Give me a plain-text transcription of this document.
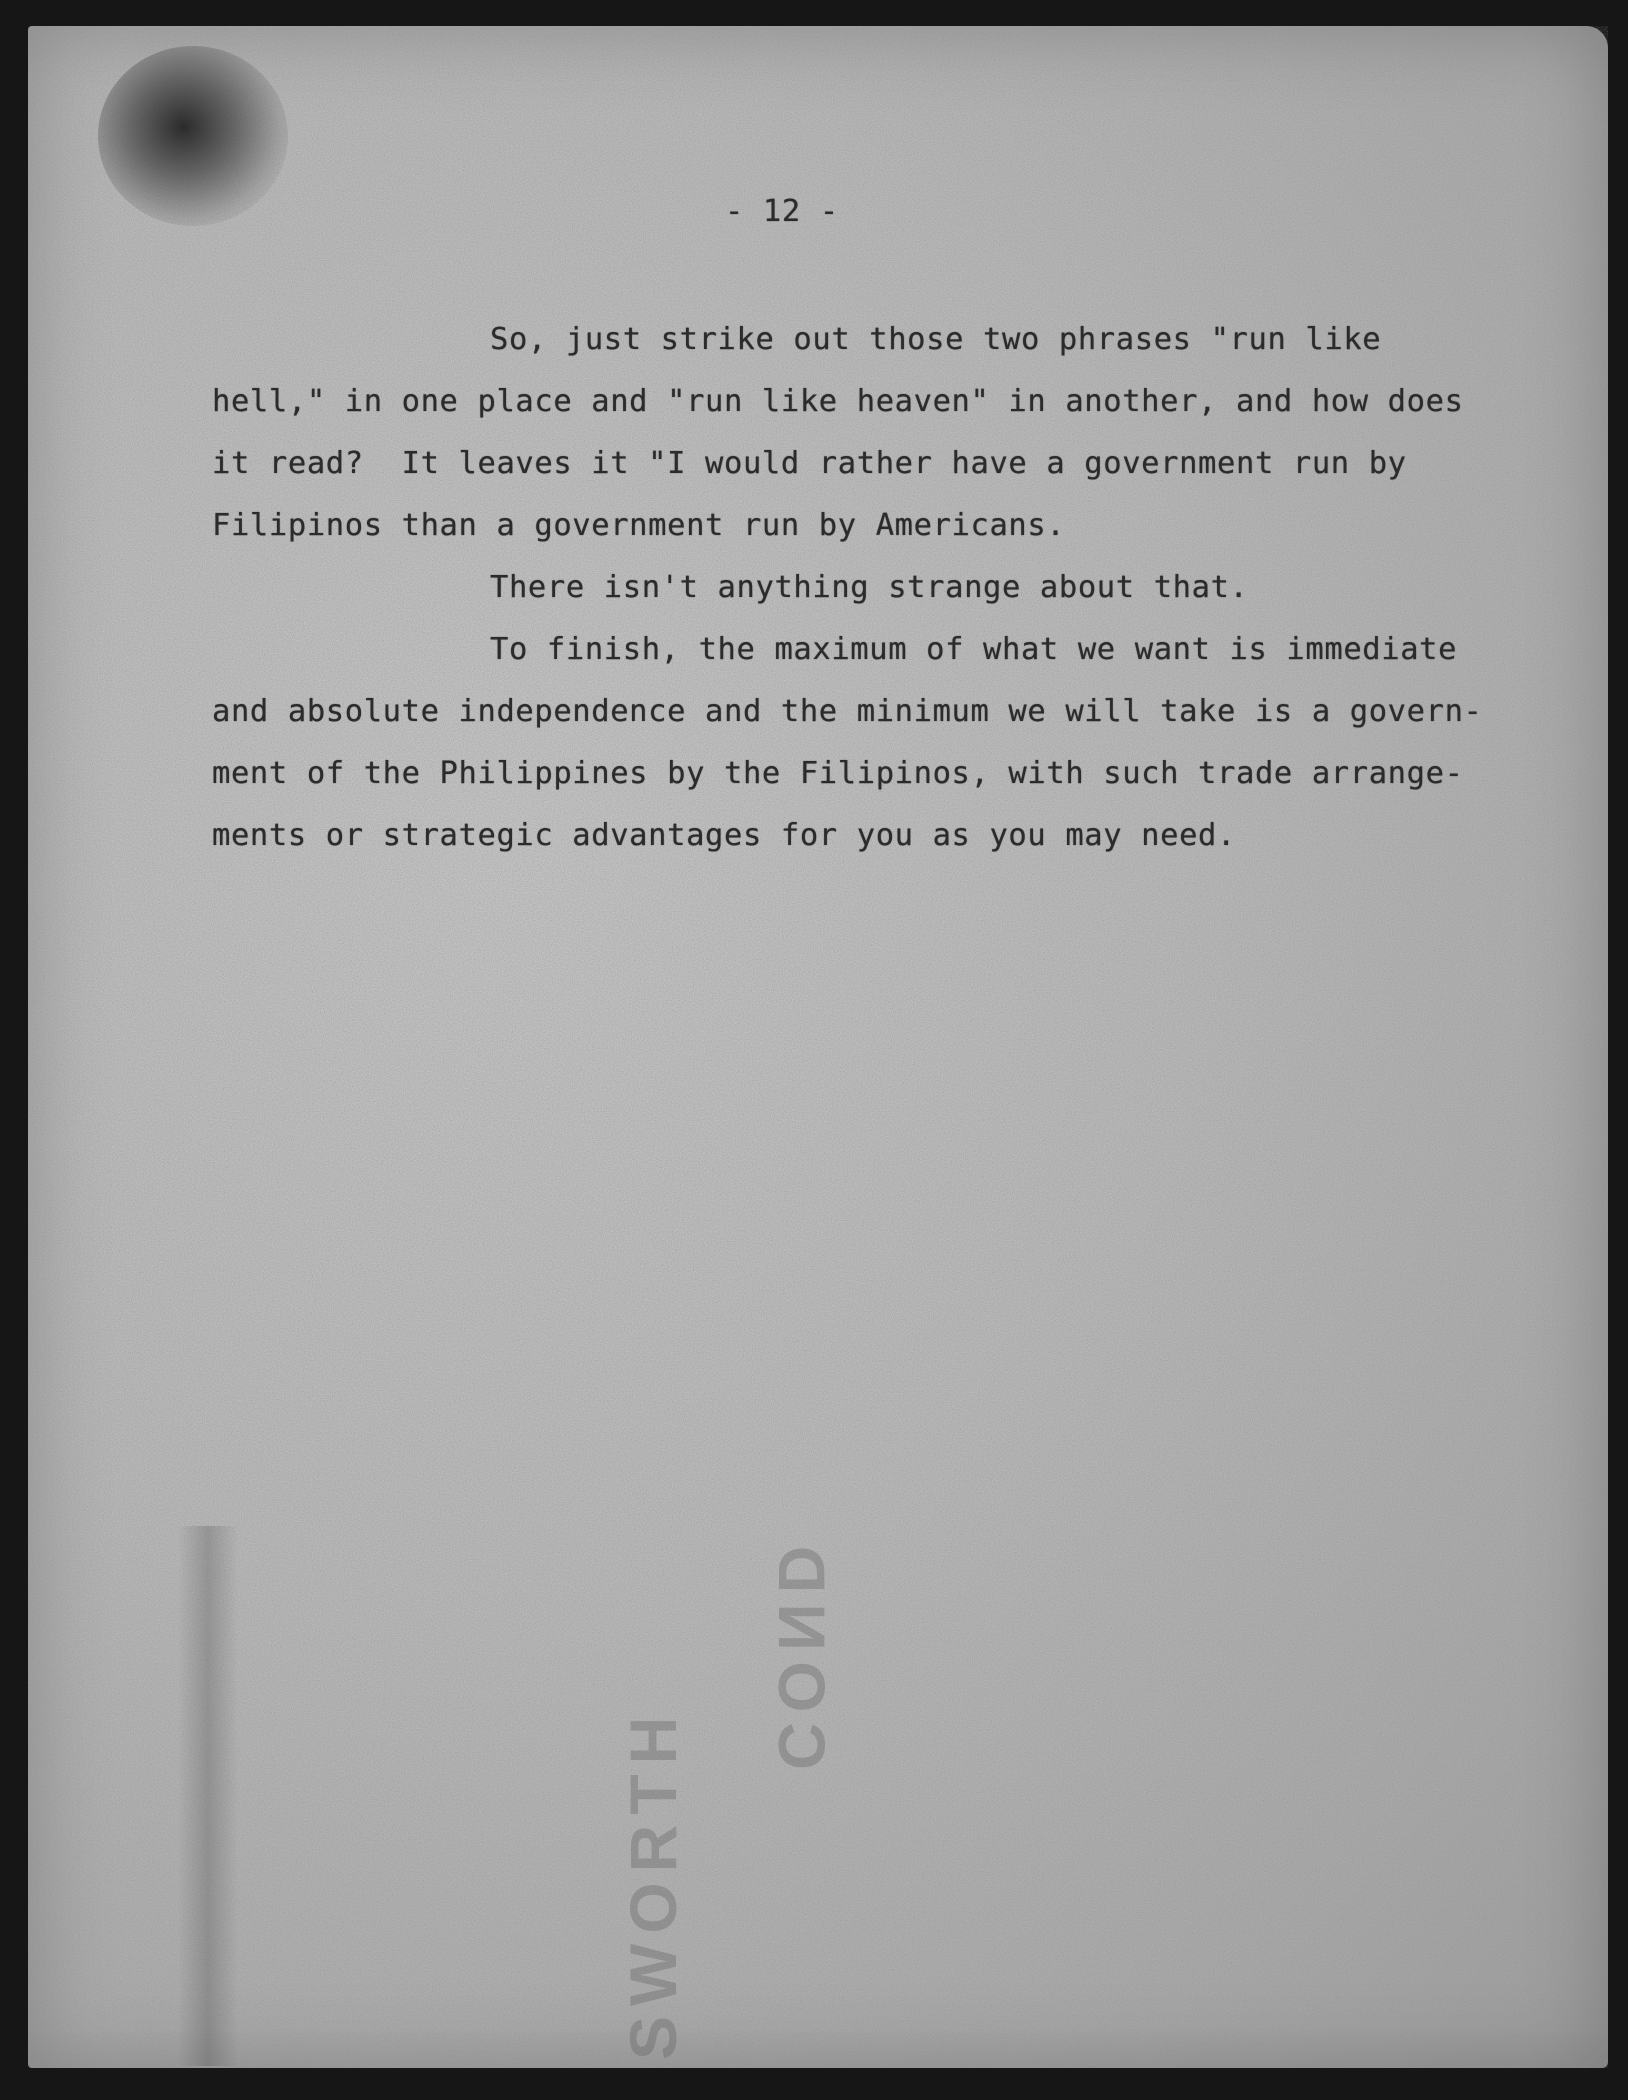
SWORTH
COND
- 12 -
So, just strike out those two phrases "run like
hell," in one place and "run like heaven" in another, and how does
it read?  It leaves it "I would rather have a government run by
Filipinos than a government run by Americans.
There isn't anything strange about that.
To finish, the maximum of what we want is immediate
and absolute independence and the minimum we will take is a govern-
ment of the Philippines by the Filipinos, with such trade arrange-
ments or strategic advantages for you as you may need.
